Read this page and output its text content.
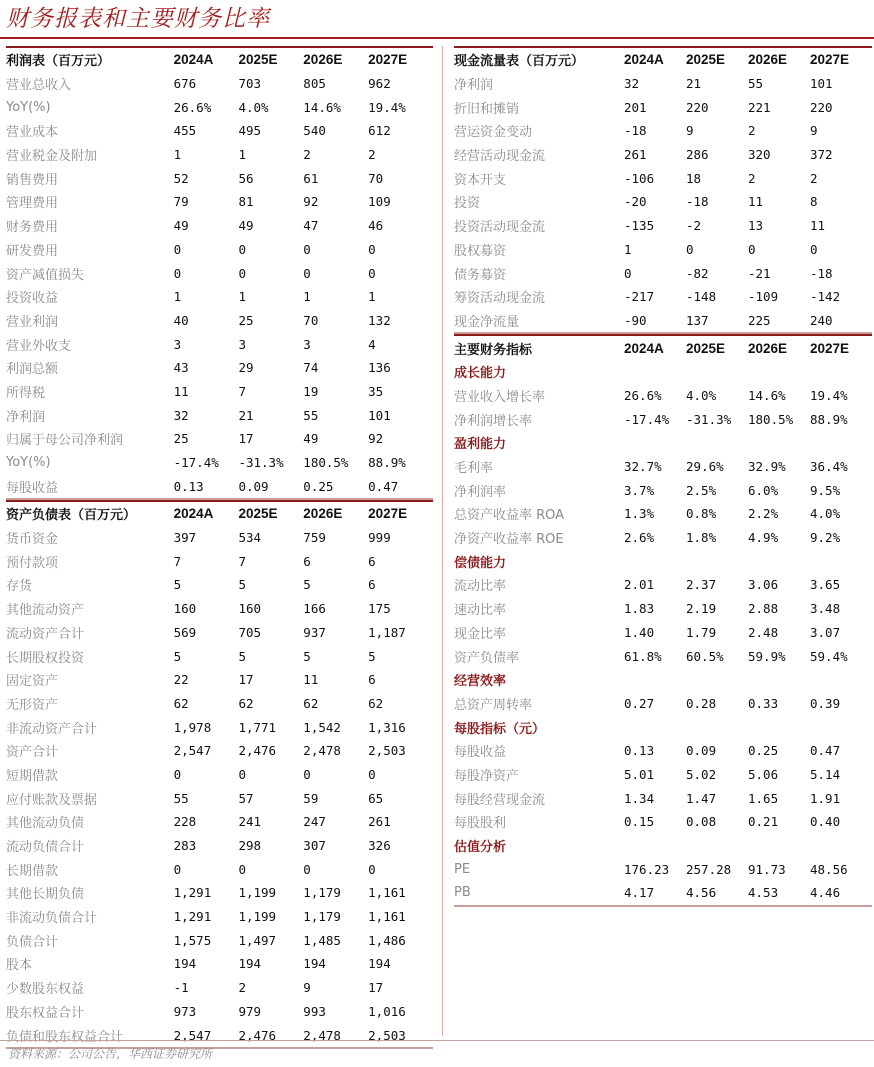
财务报表和主要财务比率
利润表（百万元）	2024A	2025E	2026E	2027E
营业总收入	676	703	805	962
YoY(%)	26.6%	4.0%	14.6%	19.4%
营业成本	455	495	540	612
营业税金及附加	1	1	2	2
销售费用	52	56	61	70
管理费用	79	81	92	109
财务费用	49	49	47	46
研发费用	0	0	0	0
资产减值损失	0	0	0	0
投资收益	1	1	1	1
营业利润	40	25	70	132
营业外收支	3	3	3	4
利润总额	43	29	74	136
所得税	11	7	19	35
净利润	32	21	55	101
归属于母公司净利润	25	17	49	92
YoY(%)	-17.4%	-31.3%	180.5%	88.9%
每股收益	0.13	0.09	0.25	0.47
资产负债表（百万元）	2024A	2025E	2026E	2027E
货币资金	397	534	759	999
预付款项	7	7	6	6
存货	5	5	5	6
其他流动资产	160	160	166	175
流动资产合计	569	705	937	1,187
长期股权投资	5	5	5	5
固定资产	22	17	11	6
无形资产	62	62	62	62
非流动资产合计	1,978	1,771	1,542	1,316
资产合计	2,547	2,476	2,478	2,503
短期借款	0	0	0	0
应付账款及票据	55	57	59	65
其他流动负债	228	241	247	261
流动负债合计	283	298	307	326
长期借款	0	0	0	0
其他长期负债	1,291	1,199	1,179	1,161
非流动负债合计	1,291	1,199	1,179	1,161
负债合计	1,575	1,497	1,485	1,486
股本	194	194	194	194
少数股东权益	-1	2	9	17
股东权益合计	973	979	993	1,016
负债和股东权益合计	2,547	2,476	2,478	2,503
现金流量表（百万元）	2024A	2025E	2026E	2027E
净利润	32	21	55	101
折旧和摊销	201	220	221	220
营运资金变动	-18	9	2	9
经营活动现金流	261	286	320	372
资本开支	-106	18	2	2
投资	-20	-18	11	8
投资活动现金流	-135	-2	13	11
股权募资	1	0	0	0
债务募资	0	-82	-21	-18
筹资活动现金流	-217	-148	-109	-142
现金净流量	-90	137	225	240
主要财务指标	2024A	2025E	2026E	2027E
成长能力
营业收入增长率	26.6%	4.0%	14.6%	19.4%
净利润增长率	-17.4%	-31.3%	180.5%	88.9%
盈利能力
毛利率	32.7%	29.6%	32.9%	36.4%
净利润率	3.7%	2.5%	6.0%	9.5%
总资产收益率 ROA	1.3%	0.8%	2.2%	4.0%
净资产收益率 ROE	2.6%	1.8%	4.9%	9.2%
偿债能力
流动比率	2.01	2.37	3.06	3.65
速动比率	1.83	2.19	2.88	3.48
现金比率	1.40	1.79	2.48	3.07
资产负债率	61.8%	60.5%	59.9%	59.4%
经营效率
总资产周转率	0.27	0.28	0.33	0.39
每股指标（元）
每股收益	0.13	0.09	0.25	0.47
每股净资产	5.01	5.02	5.06	5.14
每股经营现金流	1.34	1.47	1.65	1.91
每股股利	0.15	0.08	0.21	0.40
估值分析
PE	176.23	257.28	91.73	48.56
PB	4.17	4.56	4.53	4.46
资料来源：公司公告，华西证券研究所
